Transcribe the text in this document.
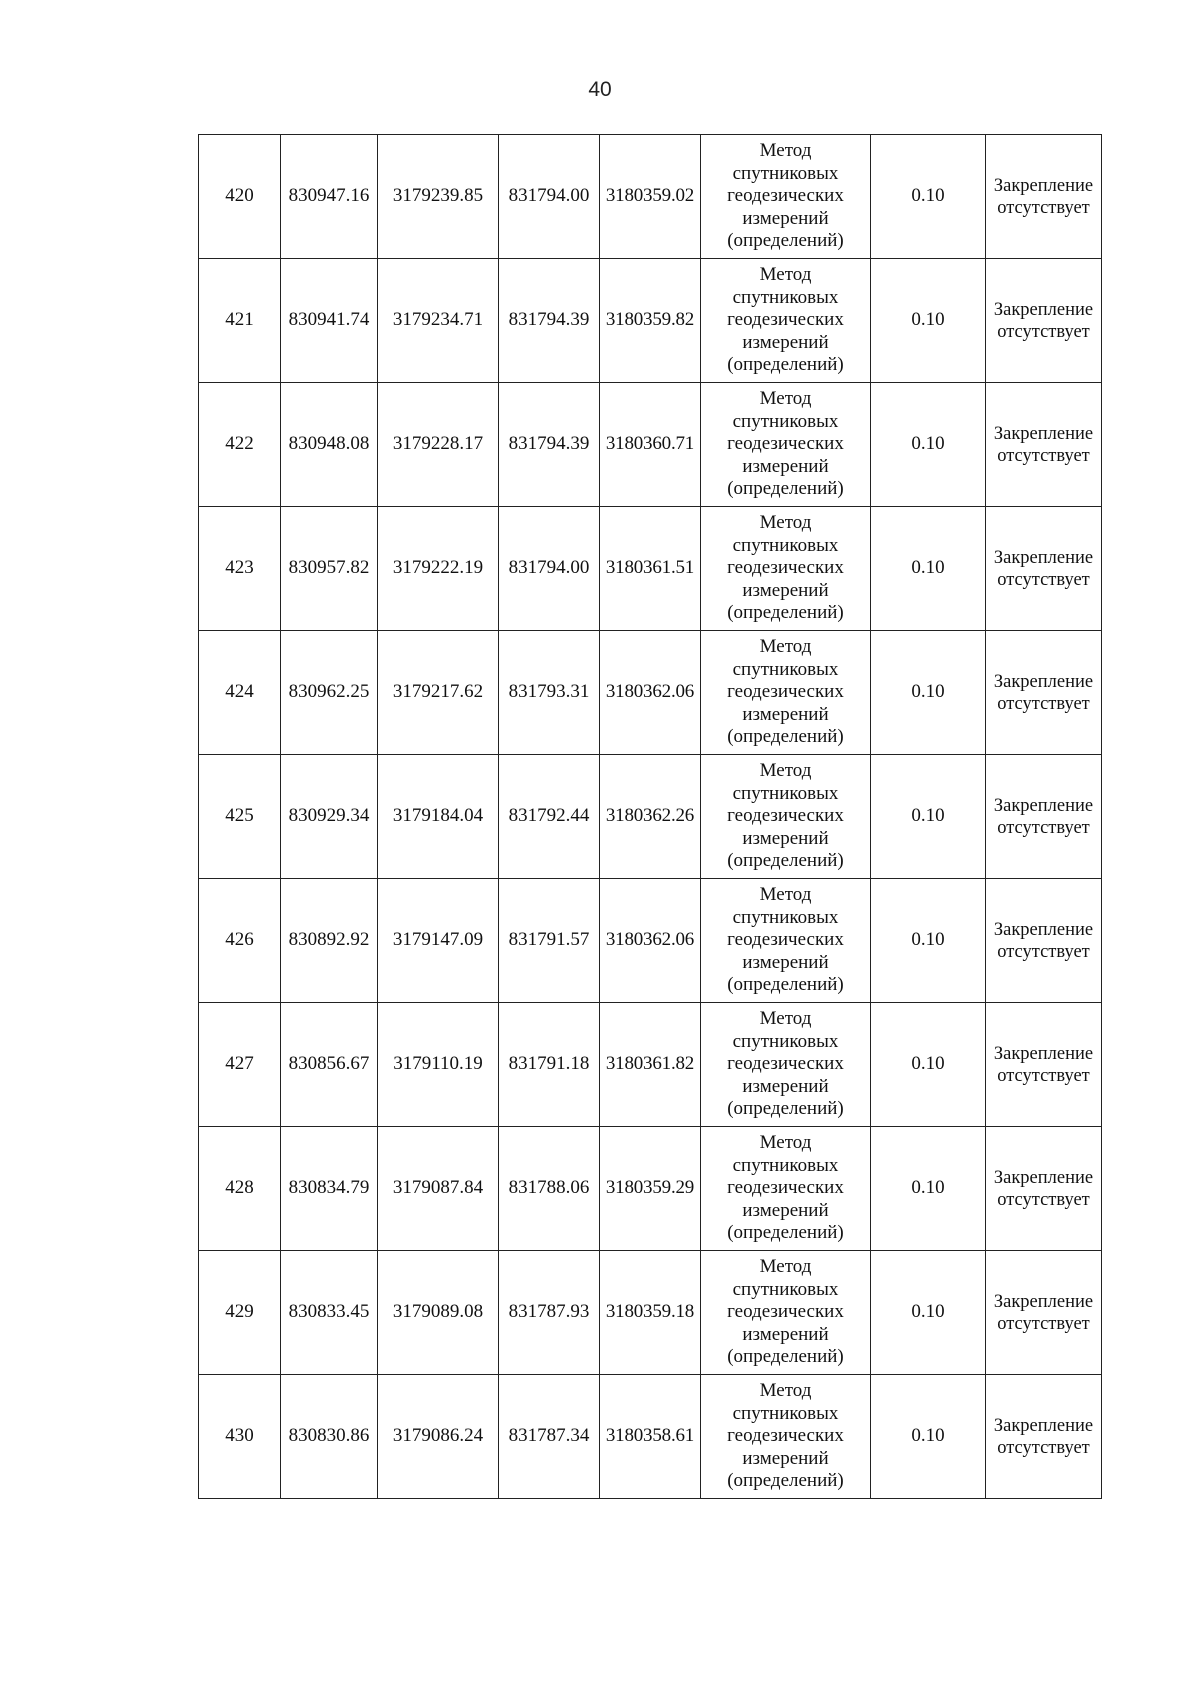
40
420	830947.16	3179239.85	831794.00	3180359.02	Метод
спутниковых
геодезических
измерений
(определений)	0.10	Закрепление
отсутствует
421	830941.74	3179234.71	831794.39	3180359.82	Метод
спутниковых
геодезических
измерений
(определений)	0.10	Закрепление
отсутствует
422	830948.08	3179228.17	831794.39	3180360.71	Метод
спутниковых
геодезических
измерений
(определений)	0.10	Закрепление
отсутствует
423	830957.82	3179222.19	831794.00	3180361.51	Метод
спутниковых
геодезических
измерений
(определений)	0.10	Закрепление
отсутствует
424	830962.25	3179217.62	831793.31	3180362.06	Метод
спутниковых
геодезических
измерений
(определений)	0.10	Закрепление
отсутствует
425	830929.34	3179184.04	831792.44	3180362.26	Метод
спутниковых
геодезических
измерений
(определений)	0.10	Закрепление
отсутствует
426	830892.92	3179147.09	831791.57	3180362.06	Метод
спутниковых
геодезических
измерений
(определений)	0.10	Закрепление
отсутствует
427	830856.67	3179110.19	831791.18	3180361.82	Метод
спутниковых
геодезических
измерений
(определений)	0.10	Закрепление
отсутствует
428	830834.79	3179087.84	831788.06	3180359.29	Метод
спутниковых
геодезических
измерений
(определений)	0.10	Закрепление
отсутствует
429	830833.45	3179089.08	831787.93	3180359.18	Метод
спутниковых
геодезических
измерений
(определений)	0.10	Закрепление
отсутствует
430	830830.86	3179086.24	831787.34	3180358.61	Метод
спутниковых
геодезических
измерений
(определений)	0.10	Закрепление
отсутствует
